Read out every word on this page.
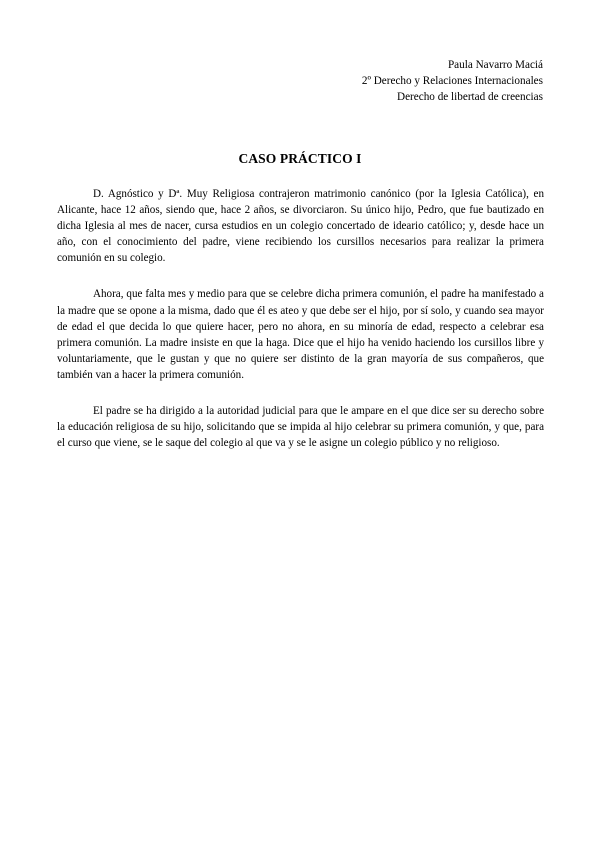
Paula Navarro Maciá
2º Derecho y Relaciones Internacionales
Derecho de libertad de creencias
CASO PRÁCTICO I

D. Agnóstico y Dª. Muy Religiosa contrajeron matrimonio canónico (por la Iglesia Católica), en Alicante, hace 12 años, siendo que, hace 2 años, se divorciaron. Su único hijo, Pedro, que fue bautizado en dicha Iglesia al mes de nacer, cursa estudios en un colegio concertado de ideario católico; y, desde hace un año, con el conocimiento del padre, viene recibiendo los cursillos necesarios para realizar la primera comunión en su colegio.

Ahora, que falta mes y medio para que se celebre dicha primera comunión, el padre ha manifestado a la madre que se opone a la misma, dado que él es ateo y que debe ser el hijo, por sí solo, y cuando sea mayor de edad el que decida lo que quiere hacer, pero no ahora, en su minoría de edad, respecto a celebrar esa primera comunión. La madre insiste en que la haga. Dice que el hijo ha venido haciendo los cursillos libre y voluntariamente, que le gustan y que no quiere ser distinto de la gran mayoría de sus compañeros, que también van a hacer la primera comunión.

El padre se ha dirigido a la autoridad judicial para que le ampare en el que dice ser su derecho sobre la educación religiosa de su hijo, solicitando que se impida al hijo celebrar su primera comunión, y que, para el curso que viene, se le saque del colegio al que va y se le asigne un colegio público y no religioso.
